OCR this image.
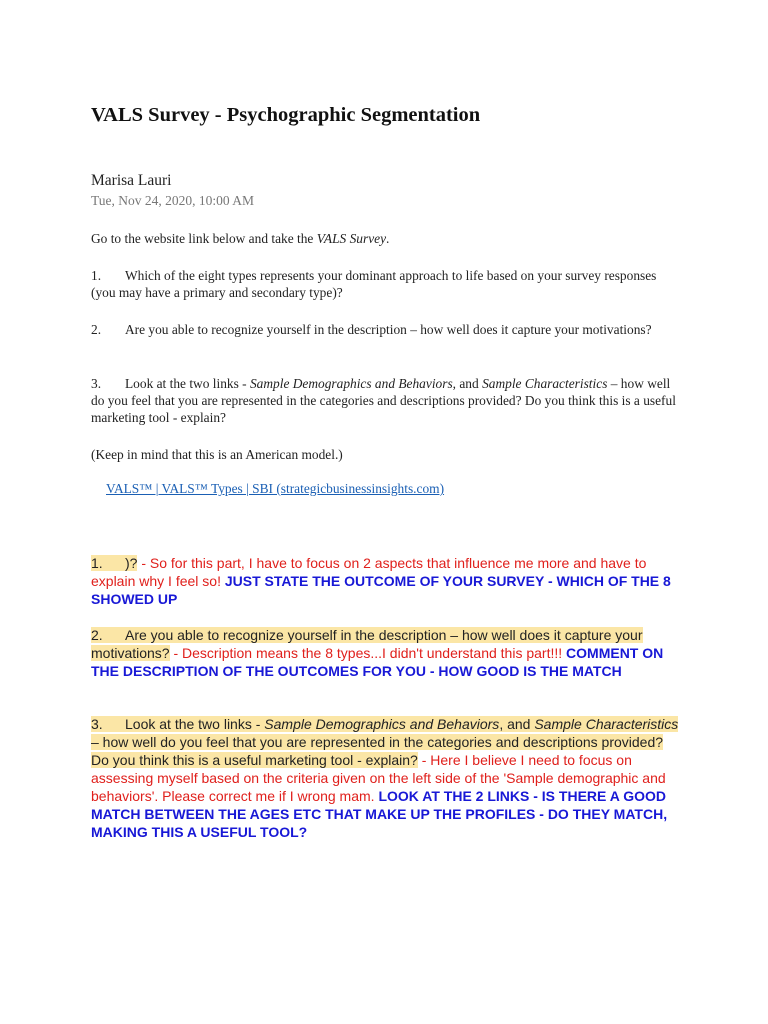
VALS Survey - Psychographic Segmentation
Marisa Lauri
Tue, Nov 24, 2020, 10:00 AM
Go to the website link below and take the VALS Survey.
1. Which of the eight types represents your dominant approach to life based on your survey responses (you may have a primary and secondary type)?
2. Are you able to recognize yourself in the description – how well does it capture your motivations?
3. Look at the two links - Sample Demographics and Behaviors, and Sample Characteristics – how well do you feel that you are represented in the categories and descriptions provided? Do you think this is a useful marketing tool - explain?
(Keep in mind that this is an American model.)
VALS™ | VALS™ Types | SBI (strategicbusinessinsights.com)
1. )? - So for this part, I have to focus on 2 aspects that influence me more and have to explain why I feel so! JUST STATE THE OUTCOME OF YOUR SURVEY - WHICH OF THE 8 SHOWED UP
2. Are you able to recognize yourself in the description – how well does it capture your motivations? - Description means the 8 types...I didn't understand this part!!! COMMENT ON THE DESCRIPTION OF THE OUTCOMES FOR YOU - HOW GOOD IS THE MATCH
3. Look at the two links - Sample Demographics and Behaviors, and Sample Characteristics – how well do you feel that you are represented in the categories and descriptions provided? Do you think this is a useful marketing tool - explain? - Here I believe I need to focus on assessing myself based on the criteria given on the left side of the 'Sample demographic and behaviors'. Please correct me if I wrong mam. LOOK AT THE 2 LINKS - IS THERE A GOOD MATCH BETWEEN THE AGES ETC THAT MAKE UP THE PROFILES - DO THEY MATCH, MAKING THIS A USEFUL TOOL?
